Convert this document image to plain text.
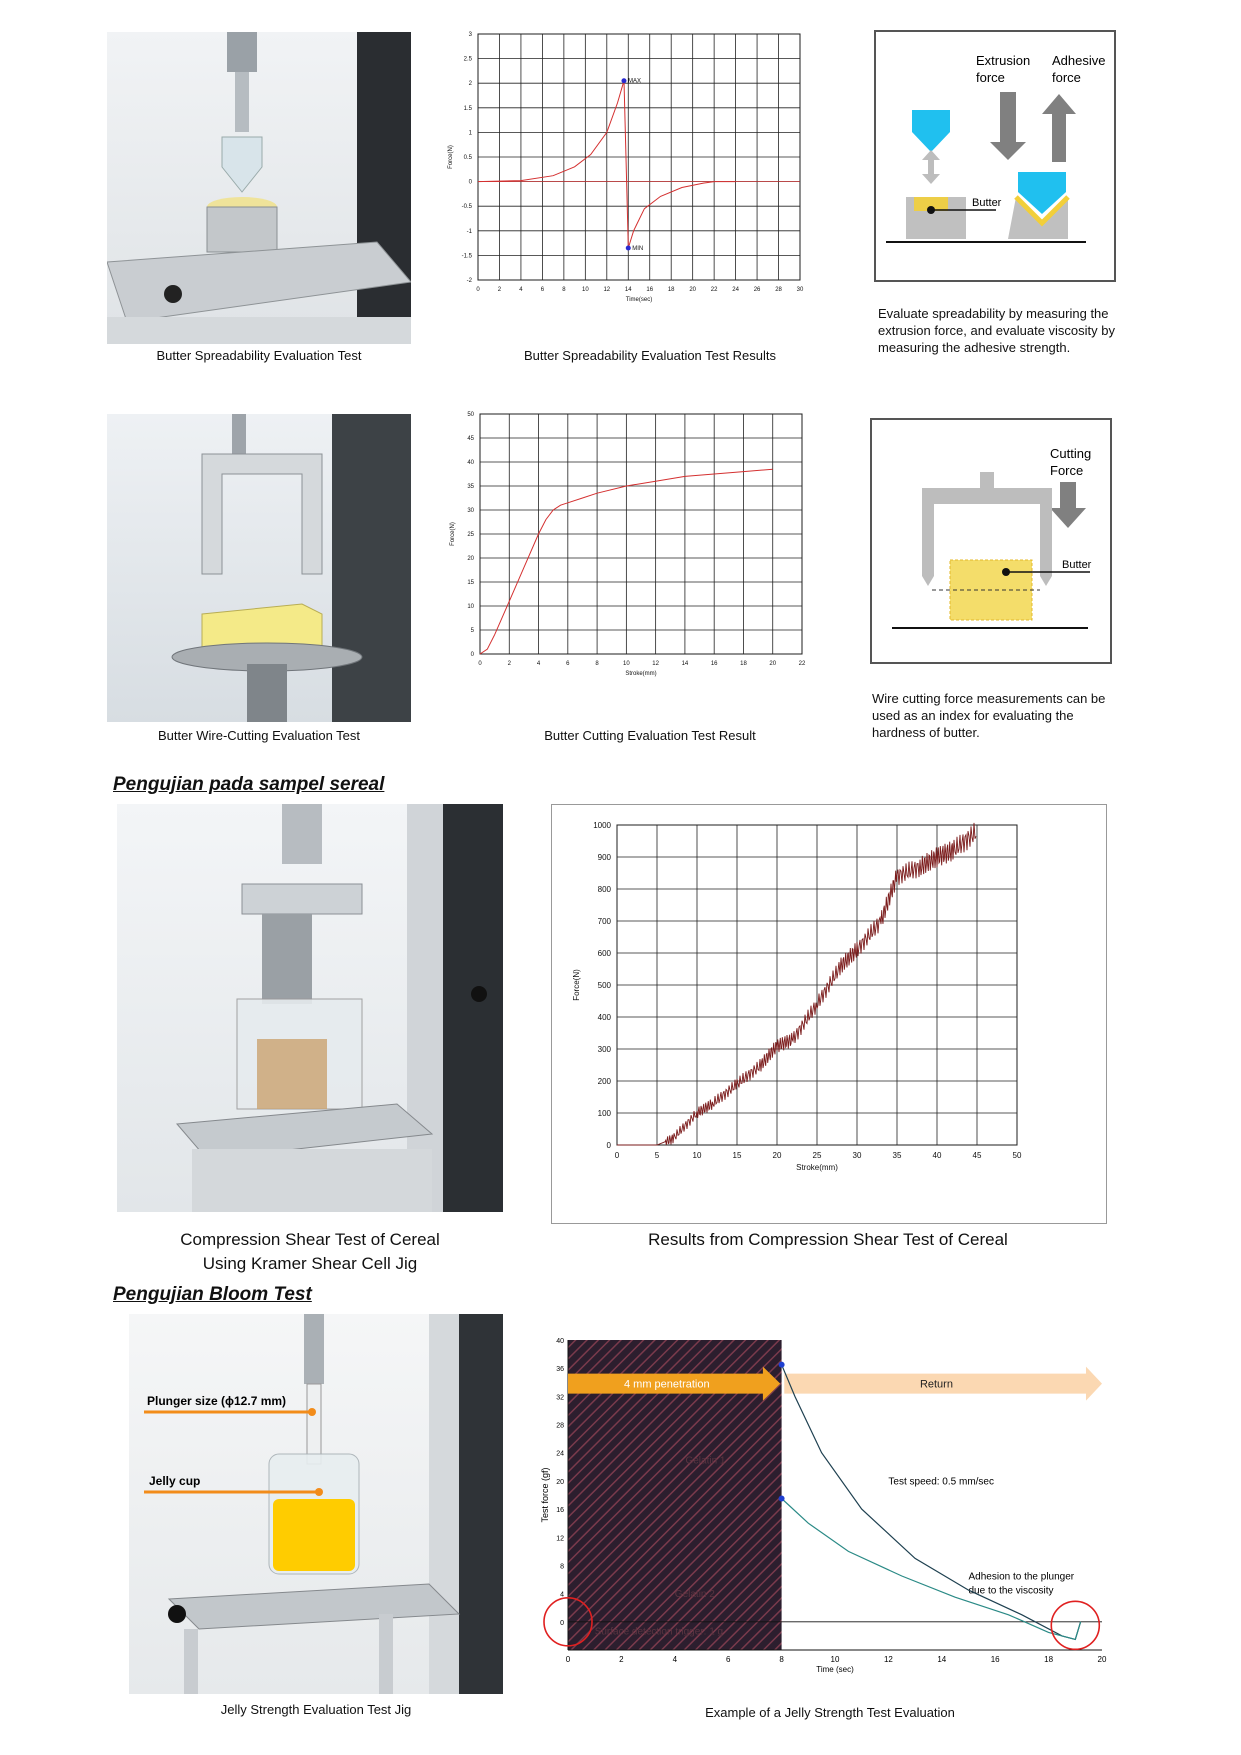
Butter Spreadability Evaluation Test
0	2	4	6	8	10 12 14 16 18 20 22 24 26 28 30
-2
-1.5
-1
-0.5
0
0.5
1
1.5
2
2.5
3
Time(sec)
Force(N)
MAX
MIN
Butter Spreadability Evaluation Test Results
Extrusion
force
Adhesive
force
Butter
Evaluate spreadability by measuring the extrusion force, and evaluate viscosity by measuring the adhesive strength.
Butter Wire-Cutting Evaluation Test
0	2	4	6	8	10	12	14	16	18	20	22
0
5
10
15
20
25
30
35
40
45
50
Stroke(mm)
Force(N)
Butter Cutting Evaluation Test Result
Cutting
Force
Butter
Wire cutting force measurements can be used as an index for evaluating the hardness of butter.
Pengujian pada sampel sereal
Compression Shear Test of Cereal
Using Kramer Shear Cell Jig
0	5	10	15	20	25	30	35	40	45	50
0
100
200
300
400
500
600
700
800
900
1000
Stroke(mm)
Force(N)
Results from Compression Shear Test of Cereal
Pengujian Bloom Test
Plunger size (ϕ12.7 mm)
Jelly cup
Jelly Strength Evaluation Test Jig
0	2	4	6	8	10	12	14	16	18	20
0
4
8
12
16
20
24
28
32
36
40
Time (sec)
Test force (gf)
4 mm penetration	Return
Test speed: 0.5 mm/sec
Gelatin 1
Gelatin 2
Surface detection trigger: 1 g
Adhesion to the plunger
due to the viscosity
Example of a Jelly Strength Test Evaluation
